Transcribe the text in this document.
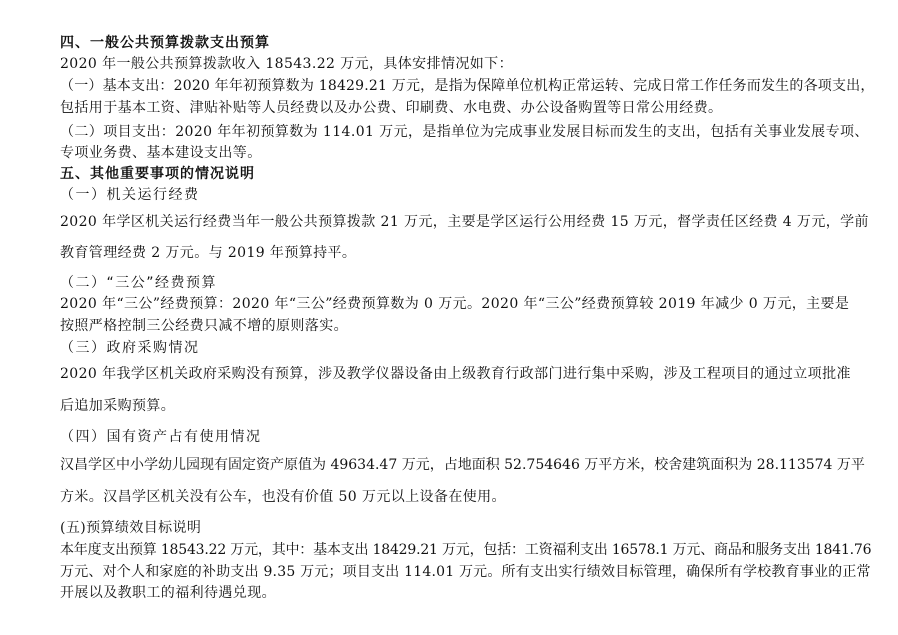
四、一般公共预算拨款支出预算
2020 年一般公共预算拨款收入 18543.22 万元，具体安排情况如下：
（一）基本支出：2020 年年初预算数为 18429.21 万元，是指为保障单位机构正常运转、完成日常工作任务而发生的各项支出，
包括用于基本工资、津贴补贴等人员经费以及办公费、印刷费、水电费、办公设备购置等日常公用经费。
（二）项目支出：2020 年年初预算数为 114.01 万元，是指单位为完成事业发展目标而发生的支出，包括有关事业发展专项、
专项业务费、基本建设支出等。
五、其他重要事项的情况说明
（一）机关运行经费
2020 年学区机关运行经费当年一般公共预算拨款 21 万元，主要是学区运行公用经费 15 万元，督学责任区经费 4 万元，学前
教育管理经费 2 万元。与 2019 年预算持平。
（二）“三公”经费预算
2020 年“三公”经费预算：2020 年“三公”经费预算数为 0 万元。2020 年“三公”经费预算较 2019 年减少 0 万元，主要是
按照严格控制三公经费只减不增的原则落实。
（三）政府采购情况
2020 年我学区机关政府采购没有预算，涉及教学仪器设备由上级教育行政部门进行集中采购，涉及工程项目的通过立项批准
后追加采购预算。
（四）国有资产占有使用情况
汉昌学区中小学幼儿园现有固定资产原值为 49634.47 万元，占地面积 52.754646 万平方米，校舍建筑面积为 28.113574 万平
方米。汉昌学区机关没有公车，也没有价值 50 万元以上设备在使用。
(五)预算绩效目标说明
本年度支出预算 18543.22 万元，其中：基本支出 18429.21 万元，包括：工资福利支出 16578.1 万元、商品和服务支出 1841.76
万元、对个人和家庭的补助支出 9.35 万元；项目支出 114.01 万元。所有支出实行绩效目标管理，确保所有学校教育事业的正常
开展以及教职工的福利待遇兑现。
